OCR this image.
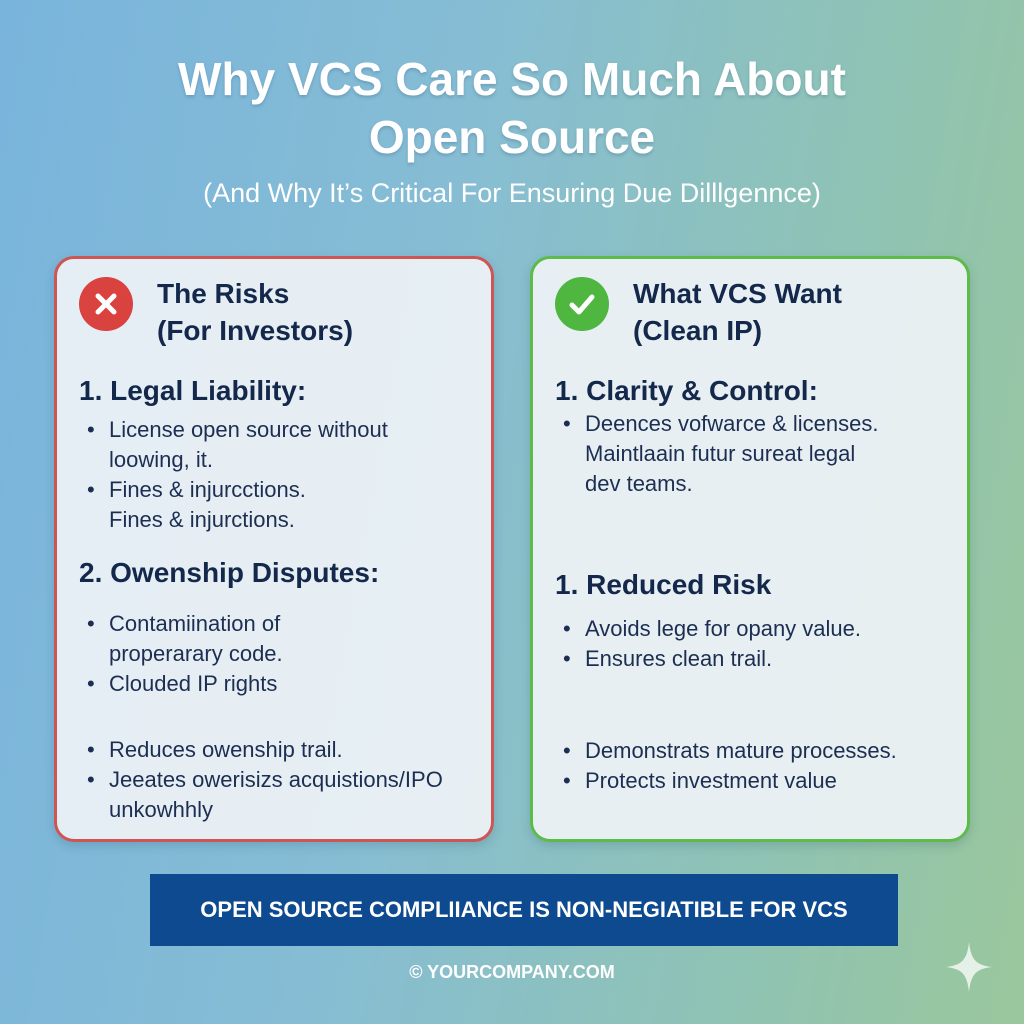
Why VCS Care So Much About
Open Source
(And Why It’s Critical For Ensuring Due Dilllgennce)
The Risks
(For Investors)
1. Legal Liability:
• License open source without
loowing, it.
• Fines & injurcctions.
Fines & injurctions.
2. Owenship Disputes:
• Contamiination of
properarary code.
• Clouded IP rights
• Reduces owenship trail.
• Jeeates owerisizs acquistions/IPO
unkowhhly
What VCS Want
(Clean IP)
1. Clarity & Control:
• Deences vofwarce & licenses.
Maintlaain futur sureat legal
dev teams.
1. Reduced Risk
• Avoids lege for opany value.
• Ensures clean trail.
• Demonstrats mature processes.
• Protects investment value
OPEN SOURCE COMPLIIANCE IS NON-NEGIATIBLE FOR VCS
© YOURCOMPANY.COM
